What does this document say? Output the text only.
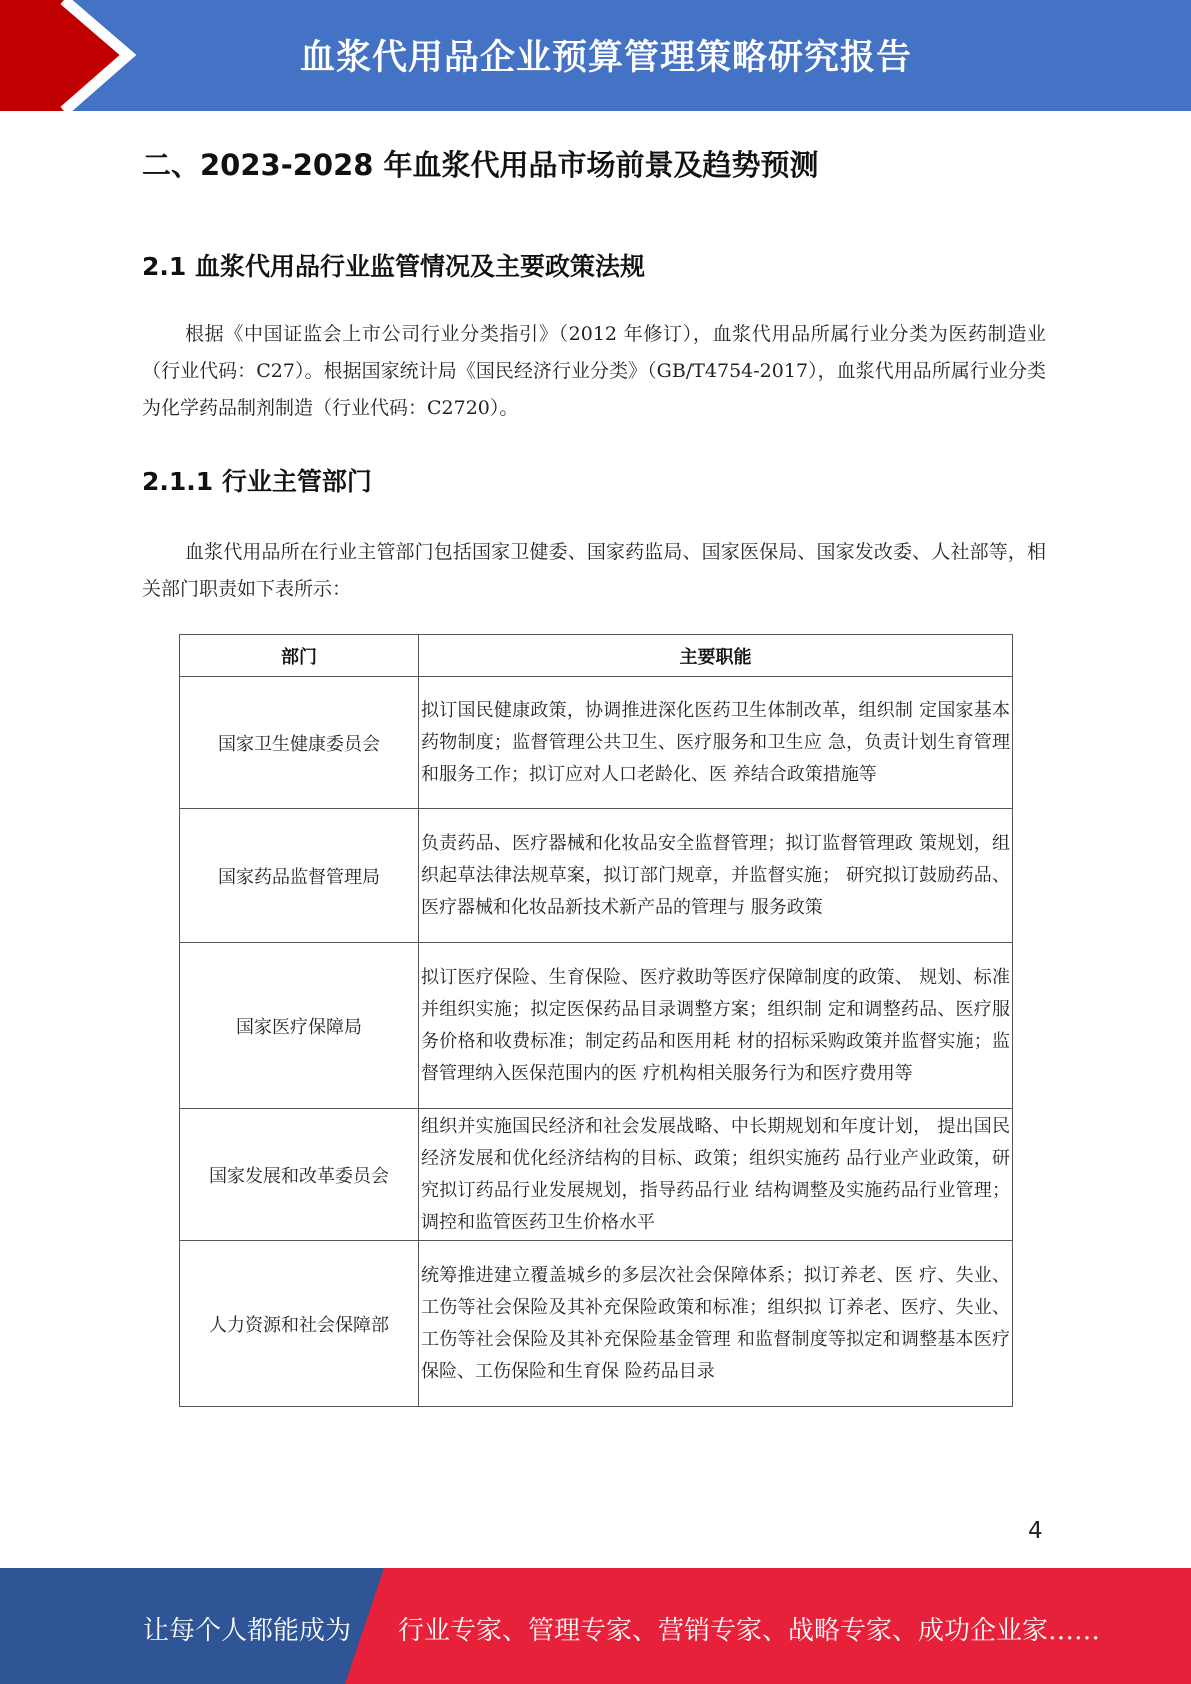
血浆代用品企业预算管理策略研究报告
二、2023-2028 年血浆代用品市场前景及趋势预测
2.1 血浆代用品行业监管情况及主要政策法规
根据《中国证监会上市公司行业分类指引》（2012 年修订），血浆代用品所属行业分类为医药制造业（行业代码：C27）。根据国家统计局《国民经济行业分类》（GB/T4754-2017），血浆代用品所属行业分类为化学药品制剂制造（行业代码：C2720）。
2.1.1 行业主管部门
血浆代用品所在行业主管部门包括国家卫健委、国家药监局、国家医保局、国家发改委、人社部等，相关部门职责如下表所示：
部门	主要职能
国家卫生健康委员会	拟订国民健康政策，协调推进深化医药卫生体制改革，组织制 定国家基本药物制度；监督管理公共卫生、医疗服务和卫生应 急，负责计划生育管理和服务工作；拟订应对人口老龄化、医 养结合政策措施等
国家药品监督管理局	负责药品、医疗器械和化妆品安全监督管理；拟订监督管理政 策规划，组织起草法律法规草案，拟订部门规章，并监督实施； 研究拟订鼓励药品、医疗器械和化妆品新技术新产品的管理与 服务政策
国家医疗保障局	拟订医疗保险、生育保险、医疗救助等医疗保障制度的政策、 规划、标准并组织实施；拟定医保药品目录调整方案；组织制 定和调整药品、医疗服务价格和收费标准；制定药品和医用耗 材的招标采购政策并监督实施；监督管理纳入医保范围内的医 疗机构相关服务行为和医疗费用等
国家发展和改革委员会	组织并实施国民经济和社会发展战略、中长期规划和年度计划， 提出国民经济发展和优化经济结构的目标、政策；组织实施药 品行业产业政策，研究拟订药品行业发展规划，指导药品行业 结构调整及实施药品行业管理；调控和监管医药卫生价格水平
人力资源和社会保障部	统筹推进建立覆盖城乡的多层次社会保障体系；拟订养老、医 疗、失业、工伤等社会保险及其补充保险政策和标准；组织拟 订养老、医疗、失业、工伤等社会保险及其补充保险基金管理 和监督制度等拟定和调整基本医疗保险、工伤保险和生育保 险药品目录
4
让每个人都能成为 行业专家、管理专家、营销专家、战略专家、成功企业家……
